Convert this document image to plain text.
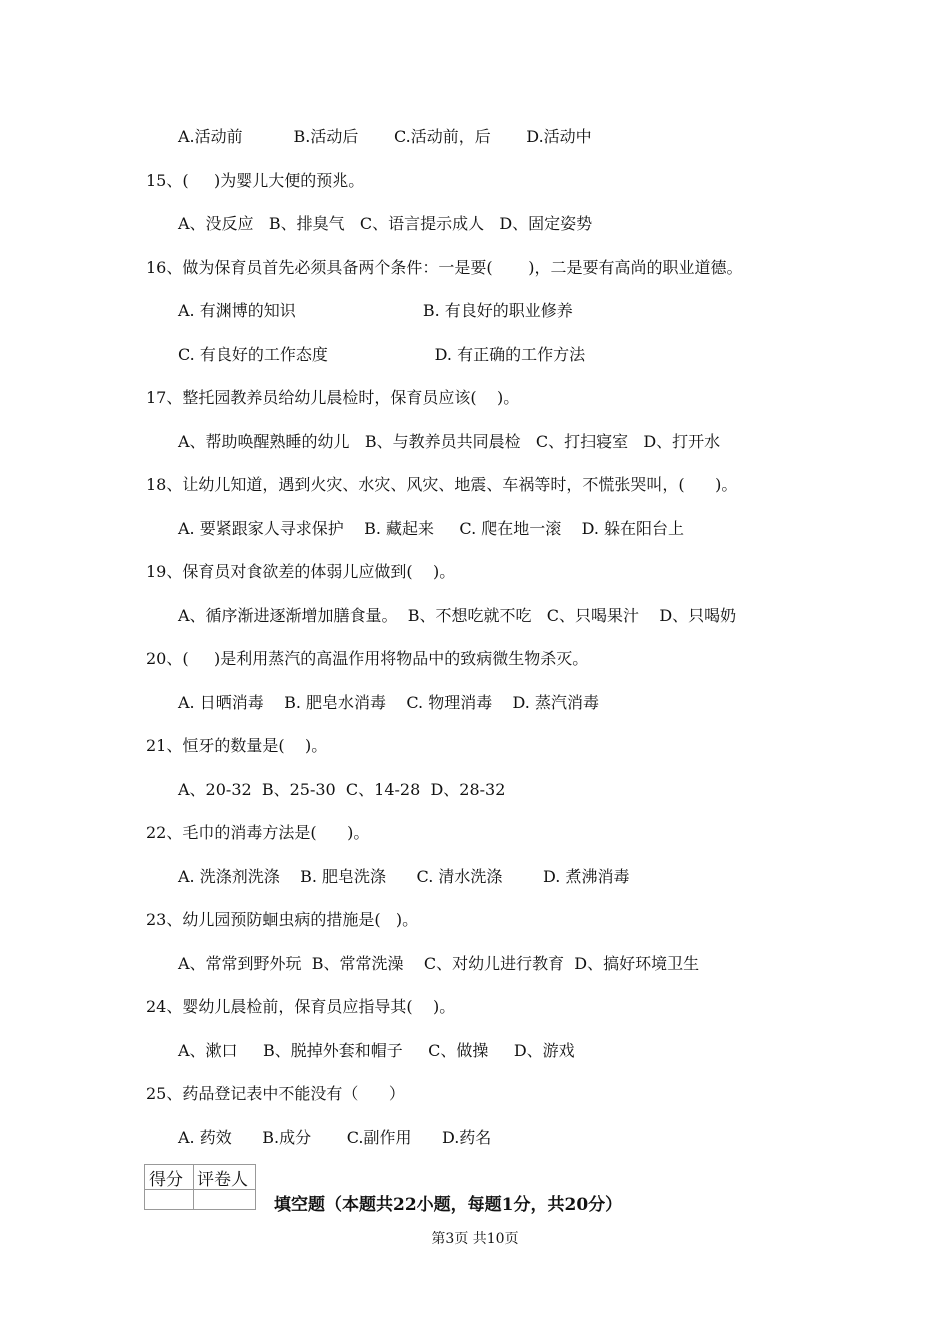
A.活动前          B.活动后       C.活动前，后       D.活动中
15、(     )为婴儿大便的预兆。
A、没反应   B、排臭气   C、语言提示成人   D、固定姿势
16、做为保育员首先必须具备两个条件：一是要(       )，二是要有高尚的职业道德。
A. 有渊博的知识                         B. 有良好的职业修养
C. 有良好的工作态度                     D. 有正确的工作方法
17、整托园教养员给幼儿晨检时，保育员应该(    )。
A、帮助唤醒熟睡的幼儿   B、与教养员共同晨检   C、打扫寝室   D、打开水
18、让幼儿知道，遇到火灾、水灾、风灾、地震、车祸等时，不慌张哭叫，(      )。
A. 要紧跟家人寻求保护    B. 藏起来     C. 爬在地一滚    D. 躲在阳台上
19、保育员对食欲差的体弱儿应做到(    )。
A、循序渐进逐渐增加膳食量。  B、不想吃就不吃   C、只喝果汁    D、只喝奶
20、(     )是利用蒸汽的高温作用将物品中的致病微生物杀灭。
A. 日晒消毒    B. 肥皂水消毒    C. 物理消毒    D. 蒸汽消毒
21、恒牙的数量是(    )。
A、20-32  B、25-30  C、14-28  D、28-32
22、毛巾的消毒方法是(      )。
A. 洗涤剂洗涤    B. 肥皂洗涤      C. 清水洗涤        D. 煮沸消毒
23、幼儿园预防蛔虫病的措施是(   )。
A、常常到野外玩  B、常常洗澡    C、对幼儿进行教育  D、搞好环境卫生
24、婴幼儿晨检前，保育员应指导其(    )。
A、漱口     B、脱掉外套和帽子     C、做操     D、游戏
25、药品登记表中不能没有（      ）
A. 药效      B.成分       C.副作用      D.药名
得分 评卷人
填空题（本题共22小题，每题1分，共20分）
第3页 共10页
